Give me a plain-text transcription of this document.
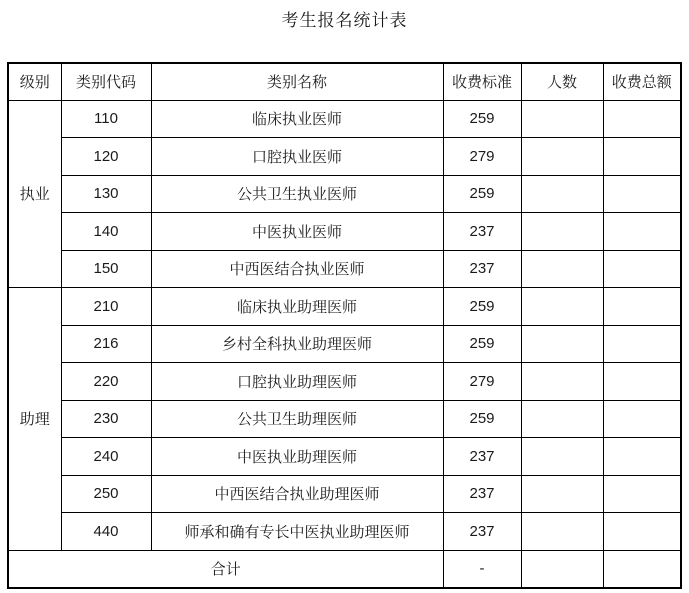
考生报名统计表
级别	类别代码	类别名称	收费标准	人数	收费总额
执业	110	临床执业医师	259		
	120	口腔执业医师	279		
	130	公共卫生执业医师	259		
	140	中医执业医师	237		
	150	中西医结合执业医师	237		
助理	210	临床执业助理医师	259		
	216	乡村全科执业助理医师	259		
	220	口腔执业助理医师	279		
	230	公共卫生助理医师	259		
	240	中医执业助理医师	237		
	250	中西医结合执业助理医师	237		
	440	师承和确有专长中医执业助理医师	237		
合计			-		
